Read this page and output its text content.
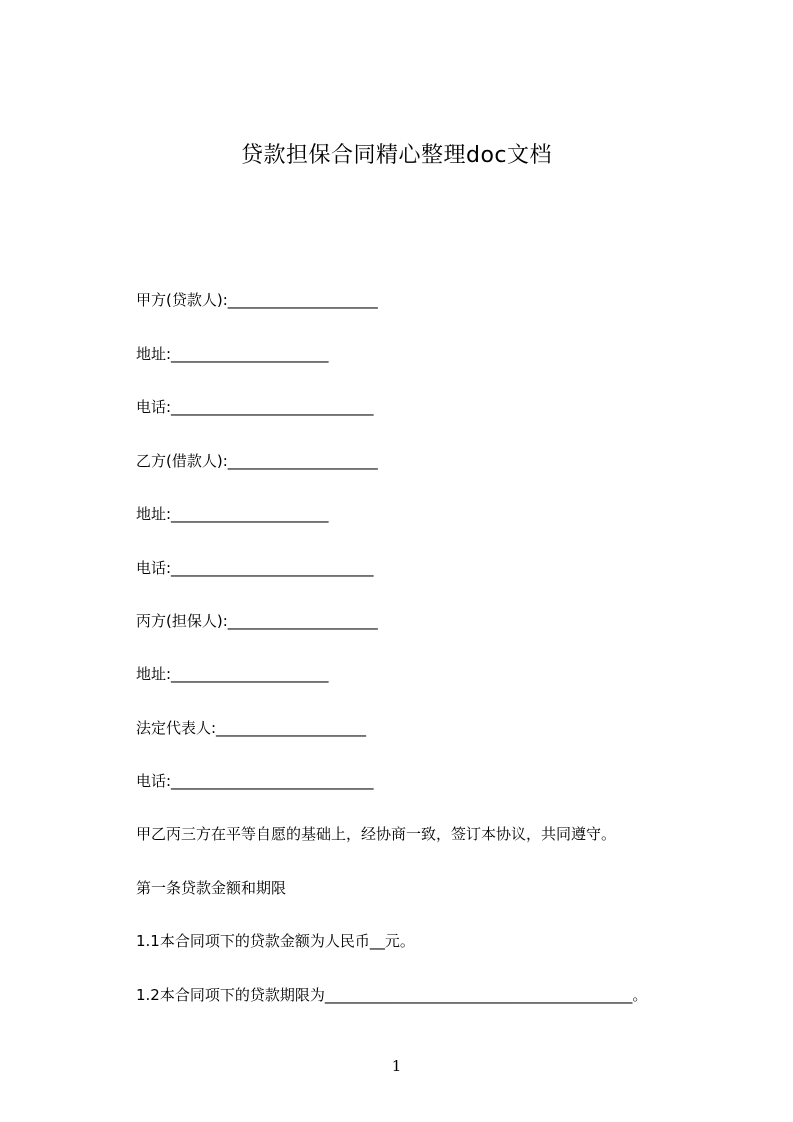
贷款担保合同精心整理doc文档
甲方(贷款人):____________________
地址:_____________________
电话:___________________________
乙方(借款人):____________________
地址:_____________________
电话:___________________________
丙方(担保人):____________________
地址:_____________________
法定代表人:____________________
电话:___________________________
甲乙丙三方在平等自愿的基础上，经协商一致，签订本协议，共同遵守。
第一条贷款金额和期限
1.1本合同项下的贷款金额为人民币__元。
1.2本合同项下的贷款期限为_________________________________________。
1
